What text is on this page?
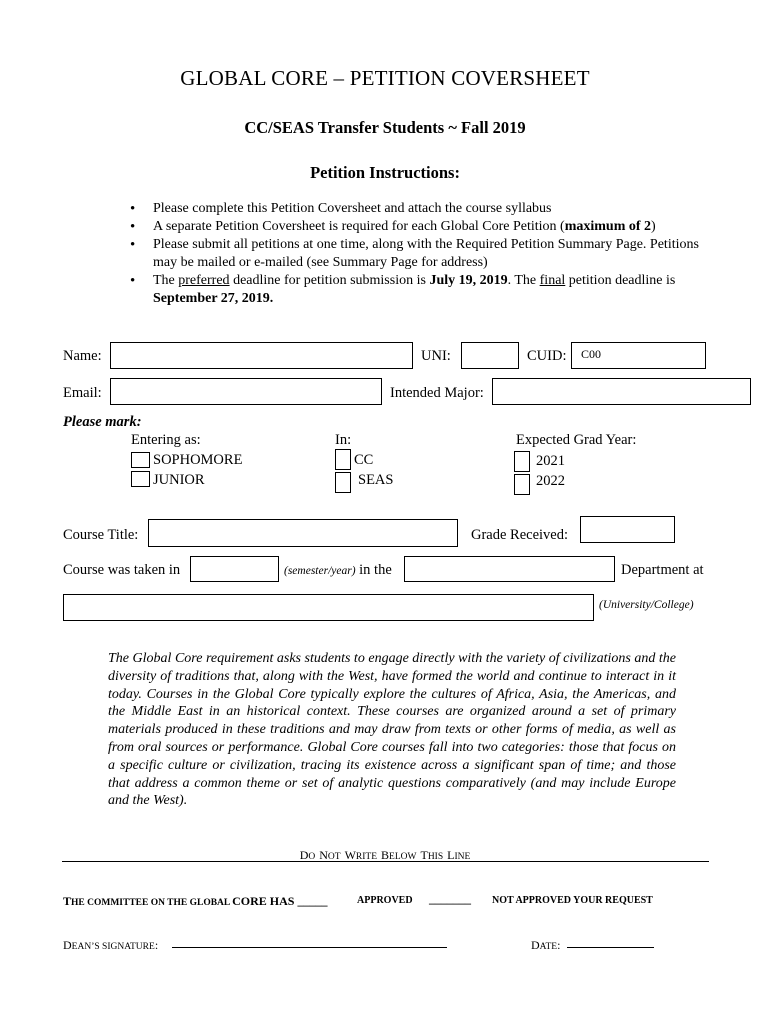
GLOBAL CORE – PETITION COVERSHEET
CC/SEAS Transfer Students ~ Fall 2019
Petition Instructions:
• Please complete this Petition Coversheet and attach the course syllabus
• A separate Petition Coversheet is required for each Global Core Petition (maximum of 2)
• Please submit all petitions at one time, along with the Required Petition Summary Page. Petitions may be mailed or e-mailed (see Summary Page for address)
• The preferred deadline for petition submission is July 19, 2019. The final petition deadline is September 27, 2019.
Name:	UNI:	CUID: C00
Email:	Intended Major:
Please mark:
Entering as:
SOPHOMORE
JUNIOR
In:
CC
SEAS
Expected Grad Year:
2021
2022
Course Title:	Grade Received:
Course was taken in	(semester/year) in the	Department at
(University/College)
The Global Core requirement asks students to engage directly with the variety of civilizations and the diversity of traditions that, along with the West, have formed the world and continue to interact in it today. Courses in the Global Core typically explore the cultures of Africa, Asia, the Americas, and the Middle East in an historical context. These courses are organized around a set of primary materials produced in these traditions and may draw from texts or other forms of media, as well as from oral sources or performance. Global Core courses fall into two categories: those that focus on a specific culture or civilization, tracing its existence across a significant span of time; and those that address a common theme or set of analytic questions comparatively (and may include Europe and the West).
DO NOT WRITE BELOW THIS LINE
THE COMMITTEE ON THE GLOBAL CORE HAS _____	APPROVED _______ NOT APPROVED YOUR REQUEST
DEAN’S SIGNATURE:	DATE:
